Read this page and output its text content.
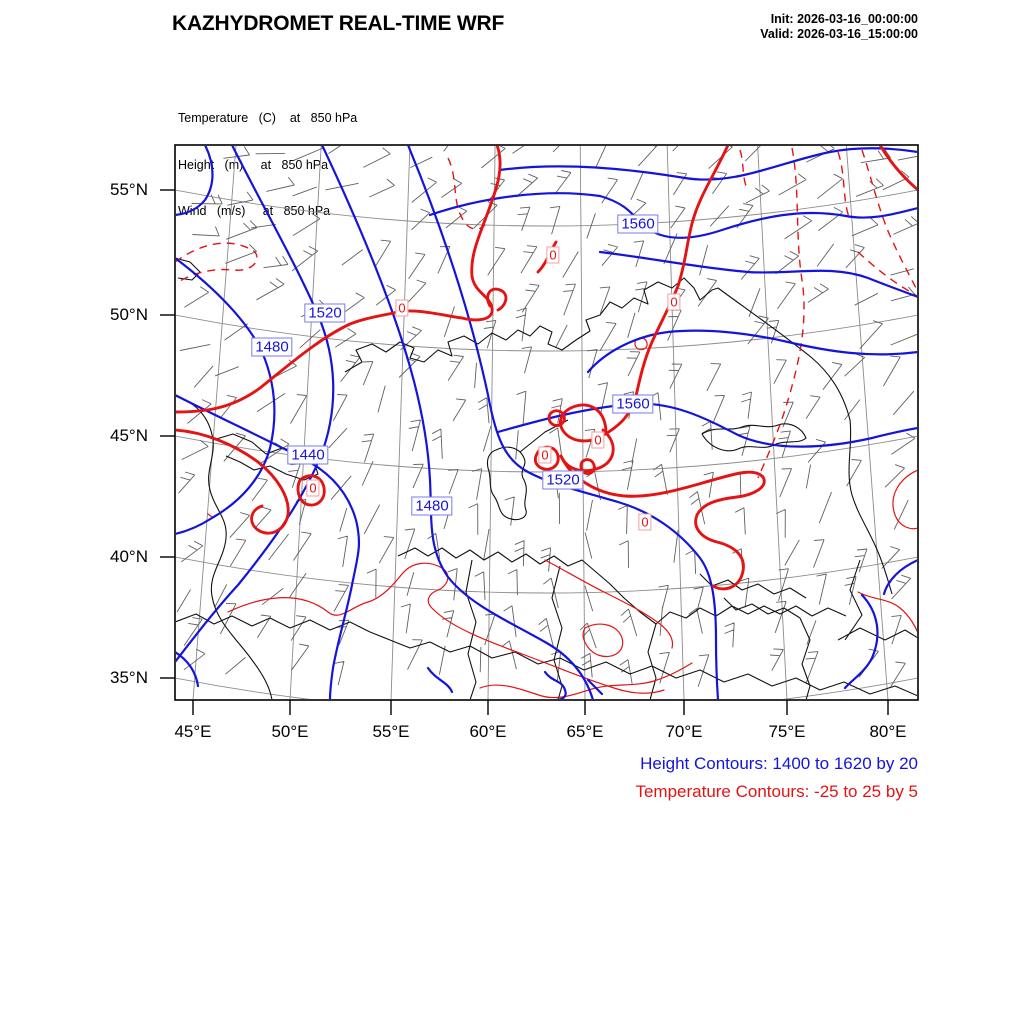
KAZHYDROMET REAL-TIME WRF	Init: 2026-03-16_00:00:00
Valid: 2026-03-16_15:00:00

Temperature   (C)    at   850 hPa

Height   (m)     at   850 hPa

Wind   (m/s)     at   850 hPa

55°N
50°N
45°N
40°N
35°N
45°E	50°E	55°E	60°E	65°E	70°E	75°E	80°E
1560
1520
1480
1560
1440
1520
1480
0
0
0
0
0
0
0
Height Contours: 1400 to 1620 by 20
Temperature Contours: -25 to 25 by 5
